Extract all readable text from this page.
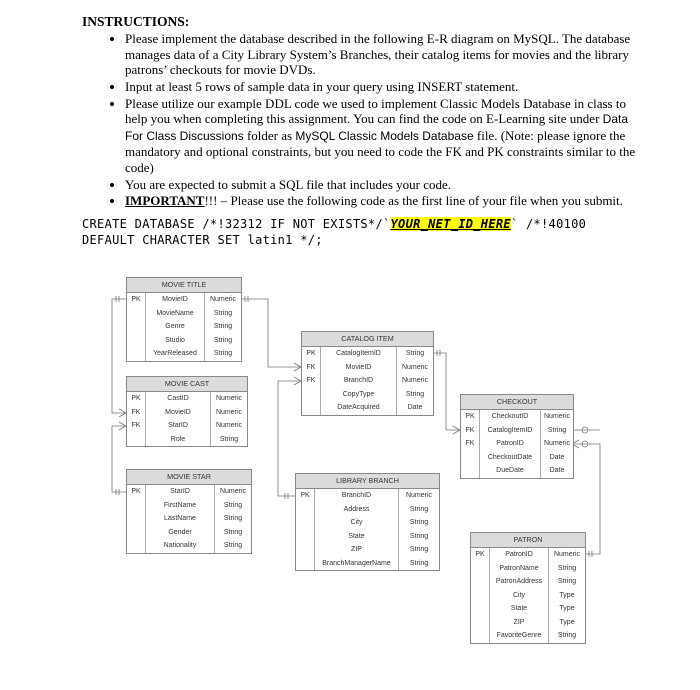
INSTRUCTIONS:
• Please implement the database described in the following E-R diagram on MySQL. The database manages data of a City Library System’s Branches, their catalog items for movies and the library patrons’ checkouts for movie DVDs.
• Input at least 5 rows of sample data in your query using INSERT statement.
• Please utilize our example DDL code we used to implement Classic Models Database in class to help you when completing this assignment. You can find the code on E-Learning site under Data For Class Discussions folder as MySQL Classic Models Database file. (Note: please ignore the mandatory and optional constraints, but you need to code the FK and PK constraints similar to the code)
• You are expected to submit a SQL file that includes your code.
• IMPORTANT!!! – Please use the following code as the first line of your file when you submit.
CREATE DATABASE /*!32312 IF NOT EXISTS*/`YOUR_NET_ID_HERE` /*!40100
DEFAULT CHARACTER SET latin1 */;
MOVIE TITLE
PK	MovieID	Numeric
MovieName	String
Genre	String
Studio	String
YearReleased	String
MOVIE CAST
PK	CastID	Numeric
FK	MovieID	Numeric
FK	StarID	Numeric
Role	String
MOVIE STAR
PK	StarID	Numeric
FirstName	String
LastName	String
Gender	String
Nationality	String
CATALOG ITEM
PK	CatalogItemID	String
FK	MovieID	Numeric
FK	BranchID	Numeric
CopyType	String
DateAcquired	Date
LIBRARY BRANCH
PK	BranchID	Numeric
Address	String
City	String
State	String
ZIP	String
BranchManagerName	String
CHECKOUT
PK	CheckoutID	Numeric
FK	CatalogItemID	String
FK	PatronID	Numeric
CheckoutDate	Date
DueDate	Date
PATRON
PK	PatronID	Numeric
PatronName	String
PatronAddress	String
City	Type
State	Type
ZIP	Type
FavoriteGenre	String
